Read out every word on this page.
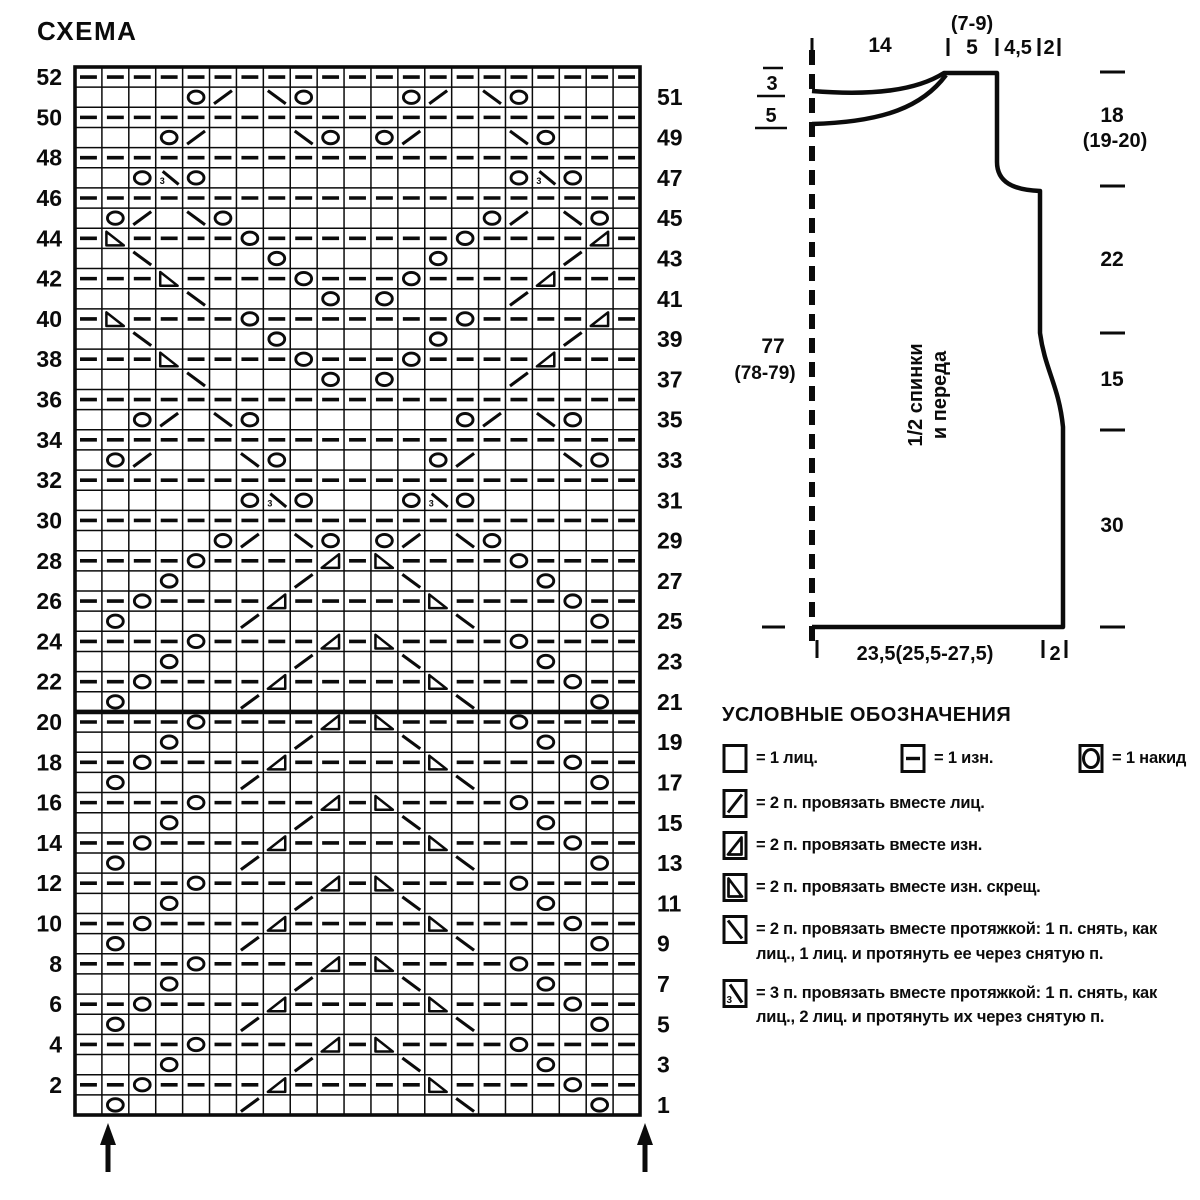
СХЕМА
3	3
3	3
52
50
48
46
44
42
40
38
36
34
32
30
28
26
24
22
20
18
16
14
12
10
8
6
4
2
51
49
47
45
43
41
39
37
35
33
31
29
27
25
23
21
19
17
15
13
11
9
7
5
3
1
14
(7-9)
5 4,5 2
3
5
77
(78-79)
18
(19-20)
22
15
30
23,5(25,5-27,5)	2
1/2 спинки и переда
УСЛОВНЫЕ ОБОЗНАЧЕНИЯ
= 1 лиц.	= 1 изн.	= 1 накид
= 2 п. провязать вместе лиц.
= 2 п. провязать вместе изн.
= 2 п. провязать вместе изн. скрещ.
= 2 п. провязать вместе протяжкой: 1 п. снять, как лиц., 1 лиц. и протянуть ее через снятую п.
3 = 3 п. провязать вместе протяжкой: 1 п. снять, как лиц., 2 лиц. и протянуть их через снятую п.
